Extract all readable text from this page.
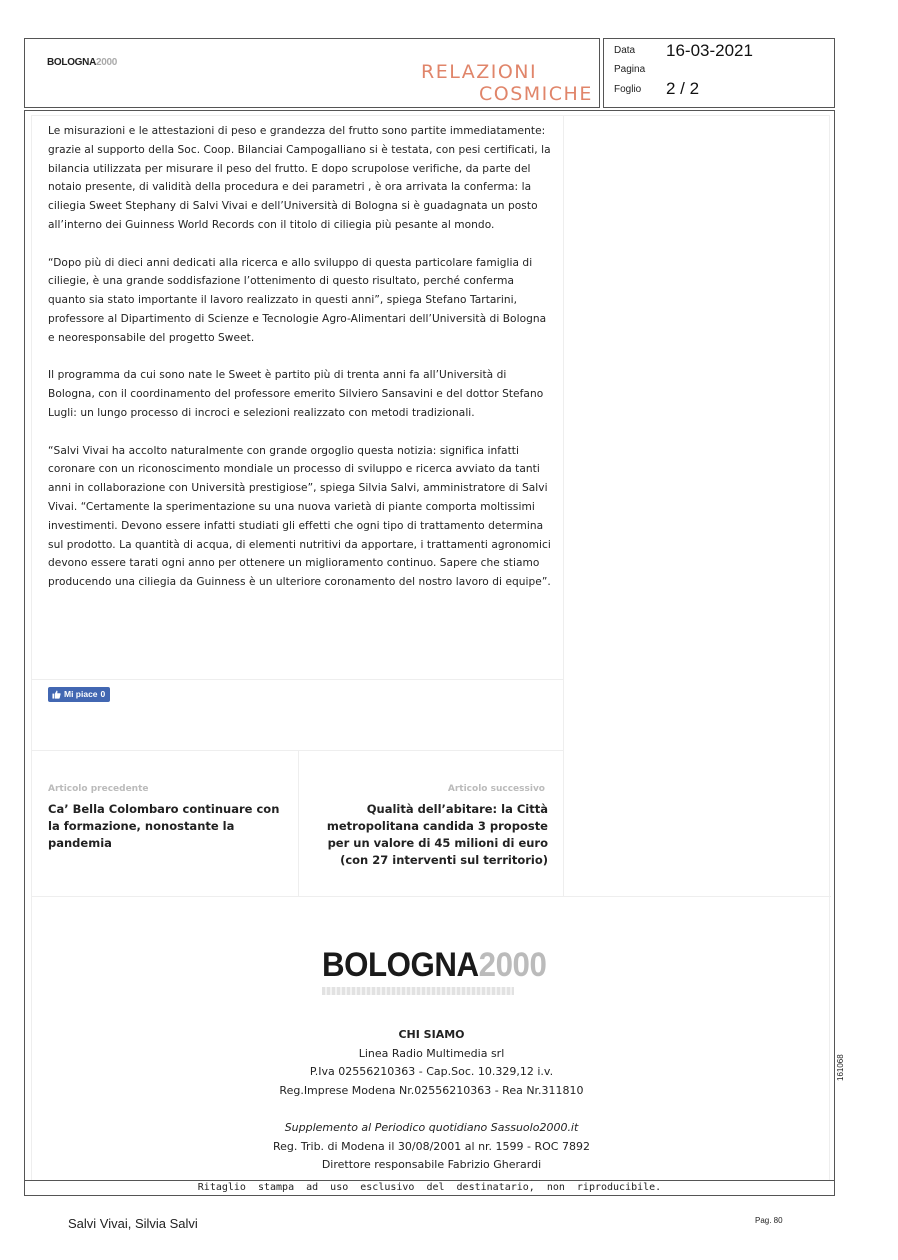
BOLOGNA2000	RELAZIONI
COSMICHE
Data 16-03-2021
Pagina
Foglio 2 / 2

Le misurazioni e le attestazioni di peso e grandezza del frutto sono partite immediatamente: grazie al supporto della Soc. Coop. Bilanciai Campogalliano si è testata, con pesi certificati, la bilancia utilizzata per misurare il peso del frutto. E dopo scrupolose verifiche, da parte del notaio presente, di validità della procedura e dei parametri , è ora arrivata la conferma: la ciliegia Sweet Stephany di Salvi Vivai e dell’Università di Bologna si è guadagnata un posto all’interno dei Guinness World Records con il titolo di ciliegia più pesante al mondo.

“Dopo più di dieci anni dedicati alla ricerca e allo sviluppo di questa particolare famiglia di ciliegie, è una grande soddisfazione l’ottenimento di questo risultato, perché conferma quanto sia stato importante il lavoro realizzato in questi anni”, spiega Stefano Tartarini, professore al Dipartimento di Scienze e Tecnologie Agro-Alimentari dell’Università di Bologna e neoresponsabile del progetto Sweet.

Il programma da cui sono nate le Sweet è partito più di trenta anni fa all’Università di Bologna, con il coordinamento del professore emerito Silviero Sansavini e del dottor Stefano Lugli: un lungo processo di incroci e selezioni realizzato con metodi tradizionali.

“Salvi Vivai ha accolto naturalmente con grande orgoglio questa notizia: significa infatti coronare con un riconoscimento mondiale un processo di sviluppo e ricerca avviato da tanti anni in collaborazione con Università prestigiose”, spiega Silvia Salvi, amministratore di Salvi Vivai. “Certamente la sperimentazione su una nuova varietà di piante comporta moltissimi investimenti. Devono essere infatti studiati gli effetti che ogni tipo di trattamento determina sul prodotto. La quantità di acqua, di elementi nutritivi da apportare, i trattamenti agronomici devono essere tarati ogni anno per ottenere un miglioramento continuo. Sapere che stiamo producendo una ciliegia da Guinness è un ulteriore coronamento del nostro lavoro di equipe”.

Mi piace 0
Articolo precedente
Ca’ Bella Colombaro continuare con la formazione, nonostante la pandemia
Articolo successivo
Qualità dell’abitare: la Città metropolitana candida 3 proposte per un valore di 45 milioni di euro (con 27 interventi sul territorio)
BOLOGNA2000
CHI SIAMO
Linea Radio Multimedia srl
P.Iva 02556210363 - Cap.Soc. 10.329,12 i.v.
Reg.Imprese Modena Nr.02556210363 - Rea Nr.311810
Supplemento al Periodico quotidiano Sassuolo2000.it
Reg. Trib. di Modena il 30/08/2001 al nr. 1599 - ROC 7892
Direttore responsabile Fabrizio Gherardi
Ritaglio stampa ad uso esclusivo del destinatario, non riproducibile.
161068
Salvi Vivai, Silvia Salvi	Pag. 80
